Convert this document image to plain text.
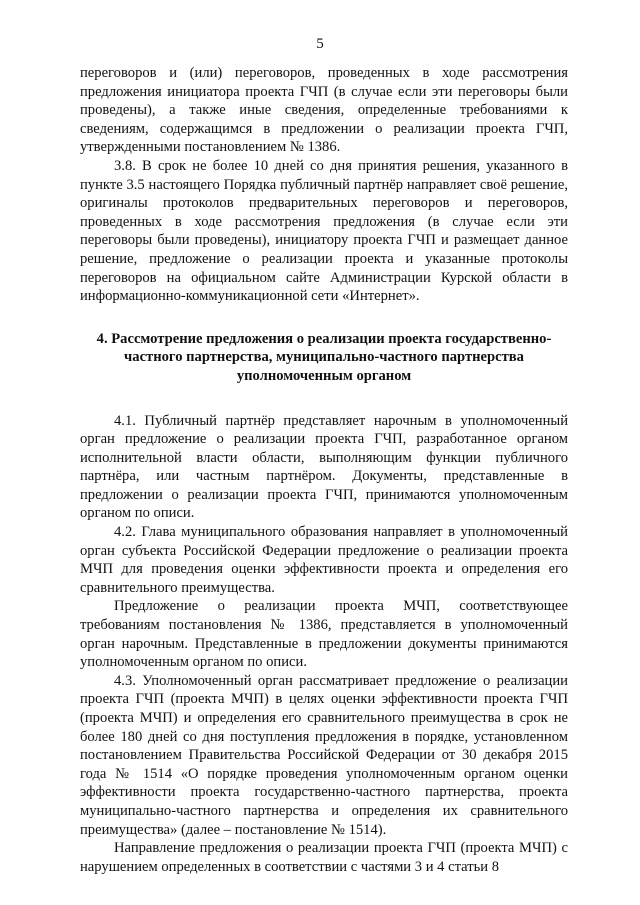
5

переговоров и (или) переговоров, проведенных в ходе рассмотрения предложения инициатора проекта ГЧП (в случае если эти переговоры были проведены), а также иные сведения, определенные требованиями к сведениям, содержащимся в предложении о реализации проекта ГЧП, утвержденными постановлением № 1386.

3.8. В срок не более 10 дней со дня принятия решения, указанного в пункте 3.5 настоящего Порядка публичный партнёр направляет своё решение, оригиналы протоколов предварительных переговоров и переговоров, проведенных в ходе рассмотрения предложения (в случае если эти переговоры были проведены), инициатору проекта ГЧП и размещает данное решение, предложение о реализации проекта и указанные протоколы переговоров на официальном сайте Администрации Курской области в информационно-коммуникационной сети «Интернет».

4. Рассмотрение предложения о реализации проекта государственно-частного партнерства, муниципально-частного партнерства уполномоченным органом

4.1. Публичный партнёр представляет нарочным в уполномоченный орган предложение о реализации проекта ГЧП, разработанное органом исполнительной власти области, выполняющим функции публичного партнёра, или частным партнёром. Документы, представленные в предложении о реализации проекта ГЧП, принимаются уполномоченным органом по описи.

4.2. Глава муниципального образования направляет в уполномоченный орган субъекта Российской Федерации предложение о реализации проекта МЧП для проведения оценки эффективности проекта и определения его сравнительного преимущества.

Предложение о реализации проекта МЧП, соответствующее требованиям постановления № 1386, представляется в уполномоченный орган нарочным. Представленные в предложении документы принимаются уполномоченным органом по описи.

4.3. Уполномоченный орган рассматривает предложение о реализации проекта ГЧП (проекта МЧП) в целях оценки эффективности проекта ГЧП (проекта МЧП) и определения его сравнительного преимущества в срок не более 180 дней со дня поступления предложения в порядке, установленном постановлением Правительства Российской Федерации от 30 декабря 2015 года № 1514 «О порядке проведения уполномоченным органом оценки эффективности проекта государственно-частного партнерства, проекта муниципально-частного партнерства и определения их сравнительного преимущества» (далее – постановление № 1514).

Направление предложения о реализации проекта ГЧП (проекта МЧП) с нарушением определенных в соответствии с частями 3 и 4 статьи 8
